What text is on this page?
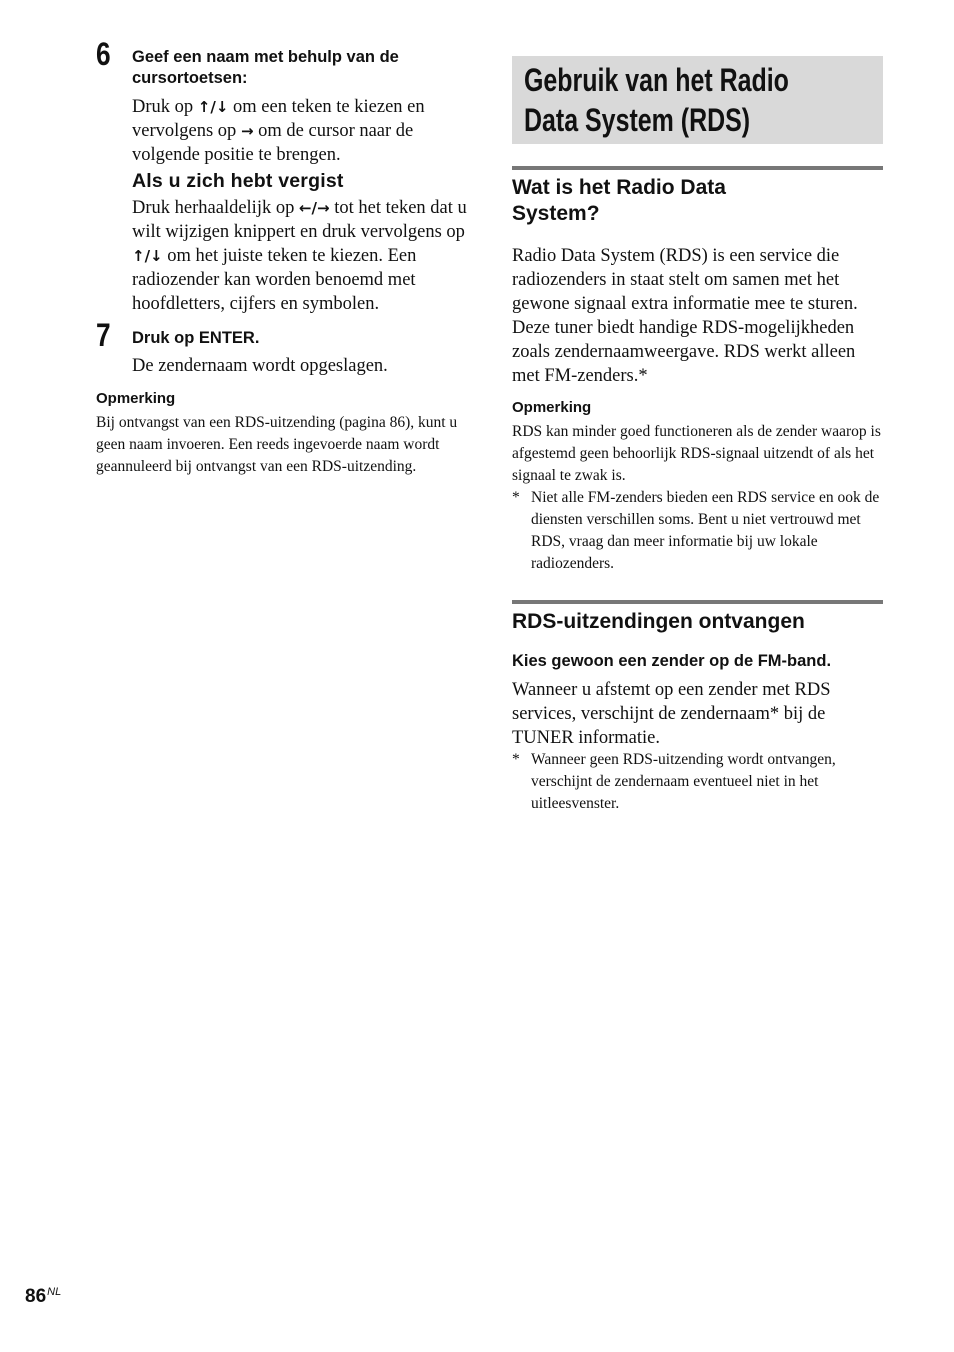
6 Geef een naam met behulp van de cursortoetsen:
Druk op ↑/↓ om een teken te kiezen en vervolgens op → om de cursor naar de volgende positie te brengen.
Als u zich hebt vergist
Druk herhaaldelijk op ←/→ tot het teken dat u wilt wijzigen knippert en druk vervolgens op ↑/↓ om het juiste teken te kiezen. Een radiozender kan worden benoemd met hoofdletters, cijfers en symbolen.
7 Druk op ENTER.
De zendernaam wordt opgeslagen.
Opmerking
Bij ontvangst van een RDS-uitzending (pagina 86), kunt u geen naam invoeren. Een reeds ingevoerde naam wordt geannuleerd bij ontvangst van een RDS-uitzending.
Gebruik van het Radio
Data System (RDS)
Wat is het Radio Data System?
Radio Data System (RDS) is een service die radiozenders in staat stelt om samen met het gewone signaal extra informatie mee te sturen. Deze tuner biedt handige RDS-mogelijkheden zoals zendernaamweergave. RDS werkt alleen met FM-zenders.*
Opmerking
RDS kan minder goed functioneren als de zender waarop is afgestemd geen behoorlijk RDS-signaal uitzendt of als het signaal te zwak is.
* Niet alle FM-zenders bieden een RDS service en ook de diensten verschillen soms. Bent u niet vertrouwd met RDS, vraag dan meer informatie bij uw lokale radiozenders.
RDS-uitzendingen ontvangen
Kies gewoon een zender op de FM-band.
Wanneer u afstemt op een zender met RDS services, verschijnt de zendernaam* bij de TUNER informatie.
* Wanneer geen RDS-uitzending wordt ontvangen, verschijnt de zendernaam eventueel niet in het uitleesvenster.
$86^{NL}$
